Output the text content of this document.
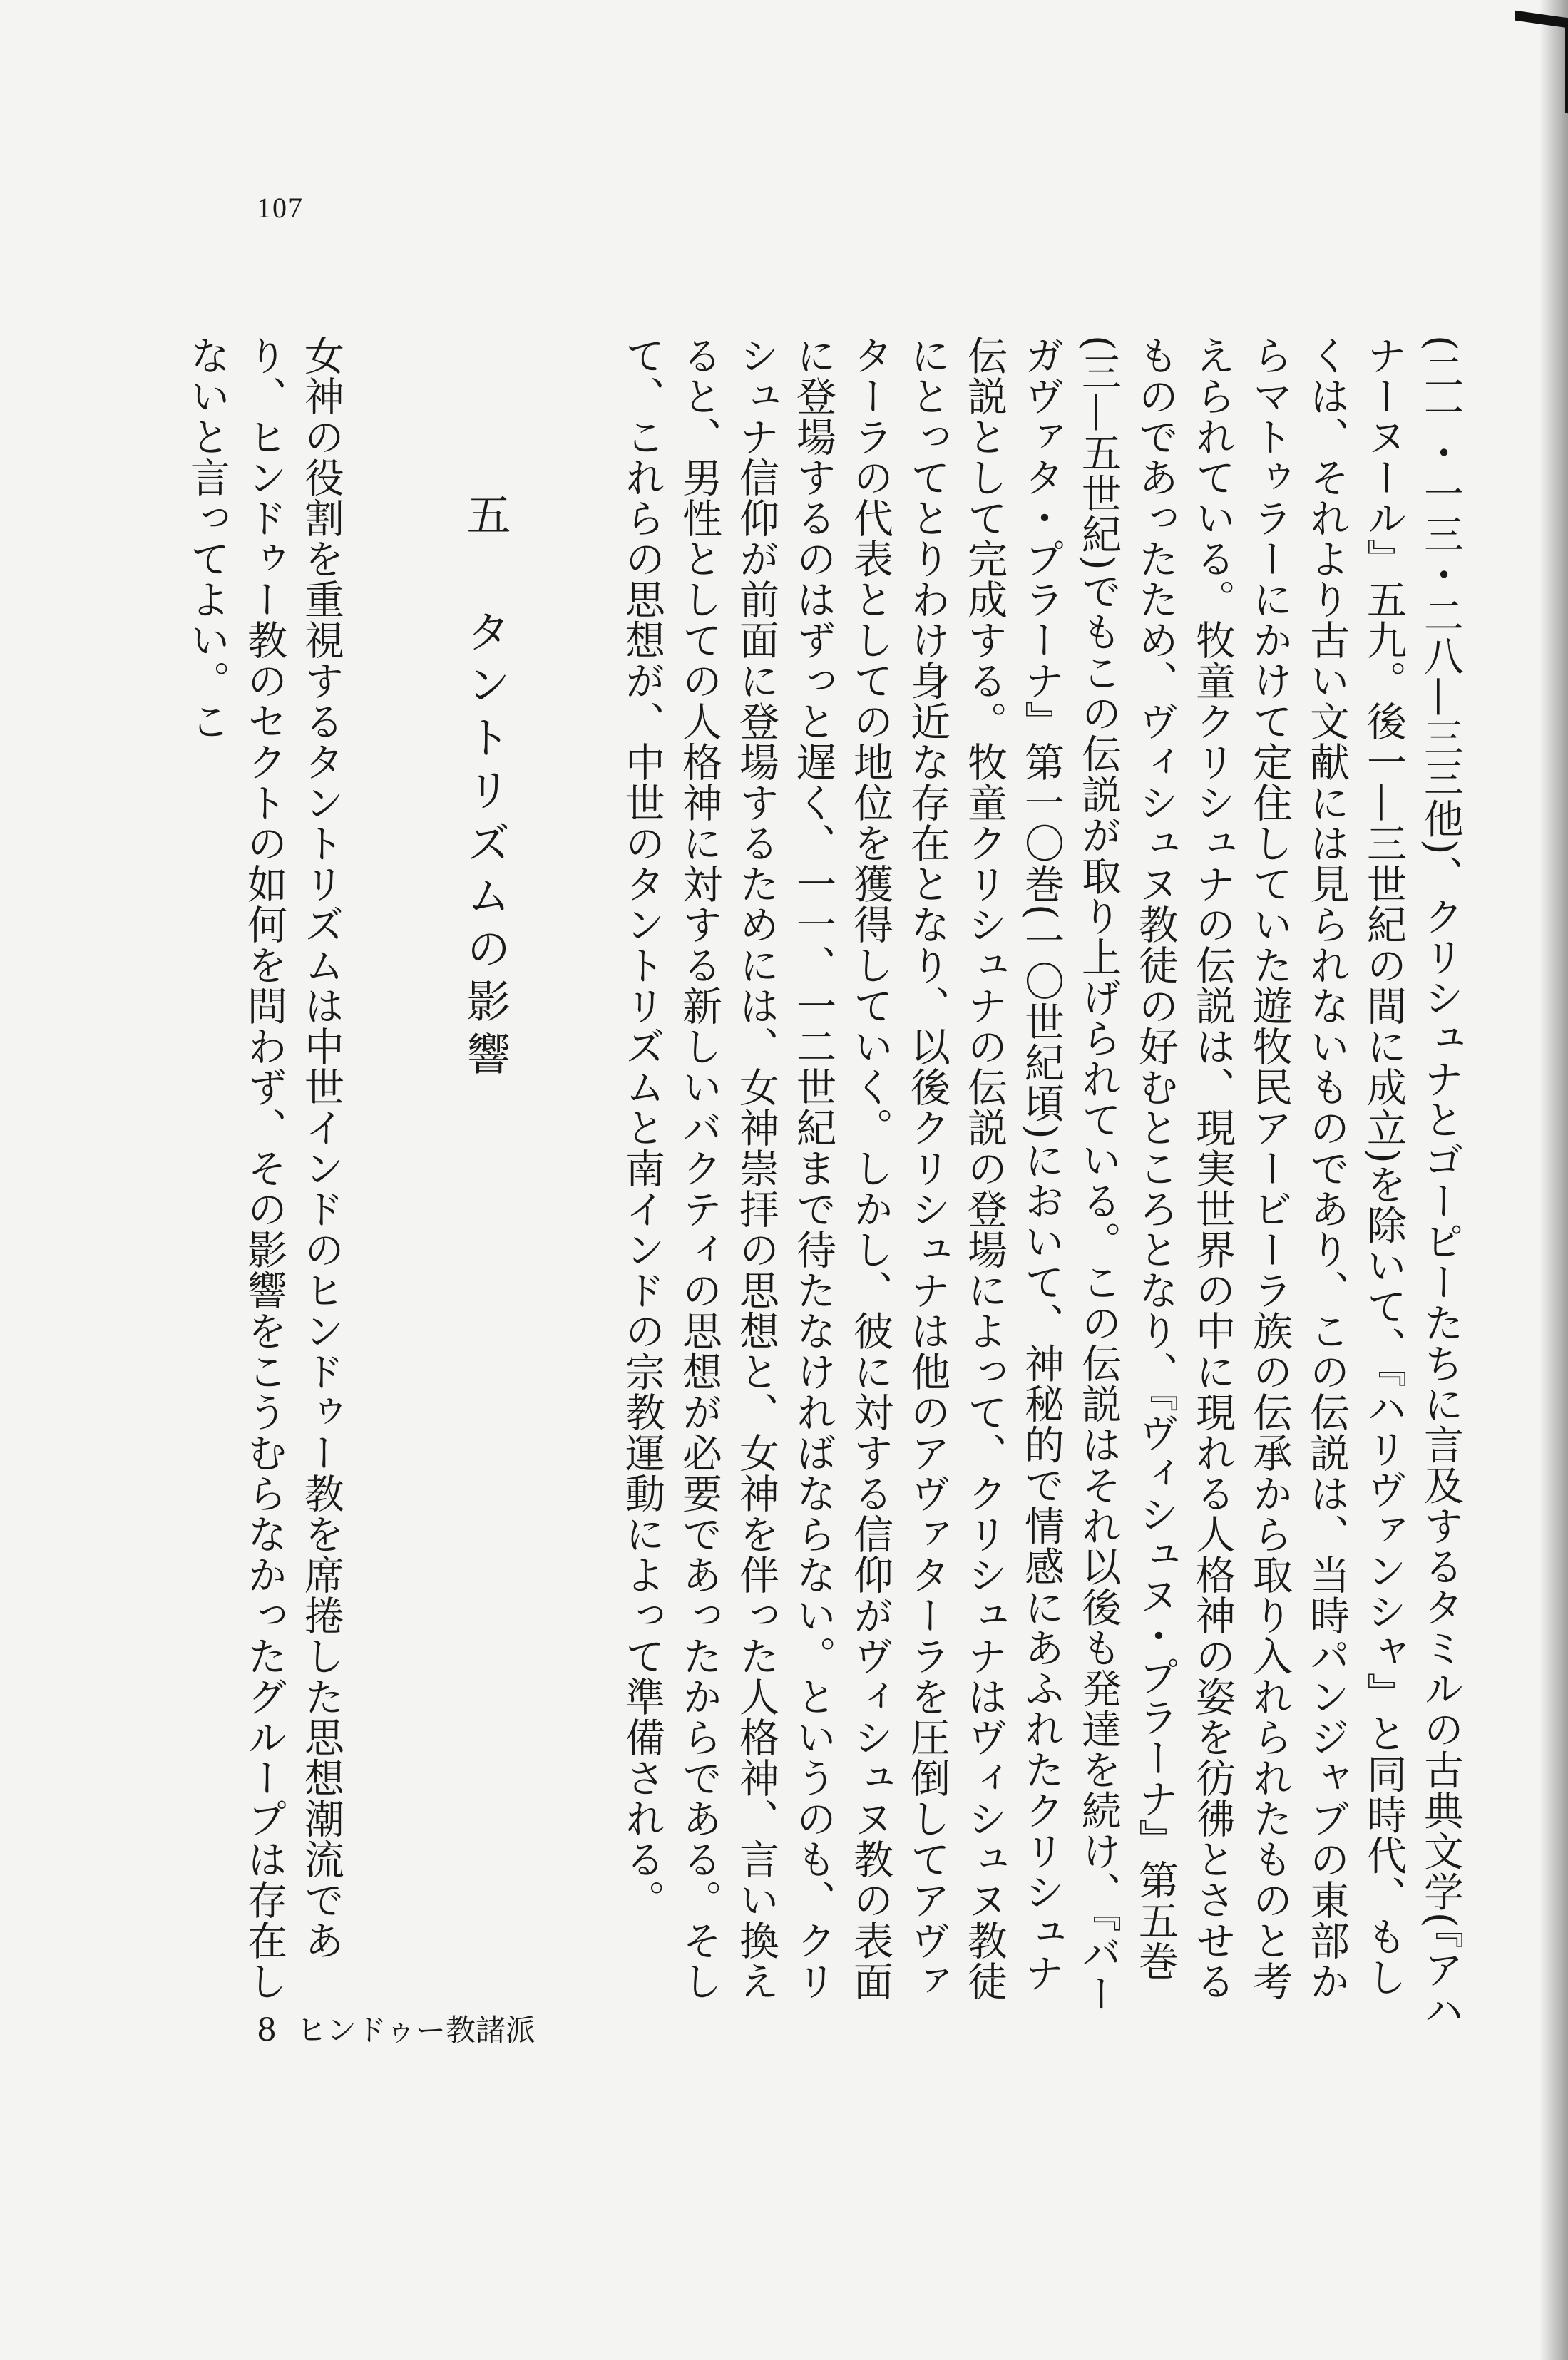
107

(二一・一三・二八—三三他)、クリシュナとゴーピーたちに言及するタミルの古典文学(『アハナーヌール』五九。後一—三世紀の間に成立)を除いて、『ハリヴァンシャ』と同時代、もしくは、それより古い文献には見られないものであり、この伝説は、当時パンジャブの東部からマトゥラーにかけて定住していた遊牧民アービーラ族の伝承から取り入れられたものと考えられている。牧童クリシュナの伝説は、現実世界の中に現れる人格神の姿を彷彿とさせるものであったため、ヴィシュヌ教徒の好むところとなり、『ヴィシュヌ・プラーナ』第五巻(三—五世紀)でもこの伝説が取り上げられている。この伝説はそれ以後も発達を続け、『バーガヴァタ・プラーナ』第一〇巻(一〇世紀頃)において、神秘的で情感にあふれたクリシュナ伝説として完成する。牧童クリシュナの伝説の登場によって、クリシュナはヴィシュヌ教徒にとってとりわけ身近な存在となり、以後クリシュナは他のアヴァターラを圧倒してアヴァターラの代表としての地位を獲得していく。しかし、彼に対する信仰がヴィシュヌ教の表面に登場するのはずっと遅く、一一、一二世紀まで待たなければならない。というのも、クリシュナ信仰が前面に登場するためには、女神崇拝の思想と、女神を伴った人格神、言い換えると、男性としての人格神に対する新しいバクティの思想が必要であったからである。そして、これらの思想が、中世のタントリズムと南インドの宗教運動によって準備される。

五タントリズムの影響

女神の役割を重視するタントリズムは中世インドのヒンドゥー教を席捲した思想潮流であり、ヒンドゥー教のセクトの如何を問わず、その影響をこうむらなかったグループは存在しないと言ってよい。こ

8 ヒンドゥー教諸派
